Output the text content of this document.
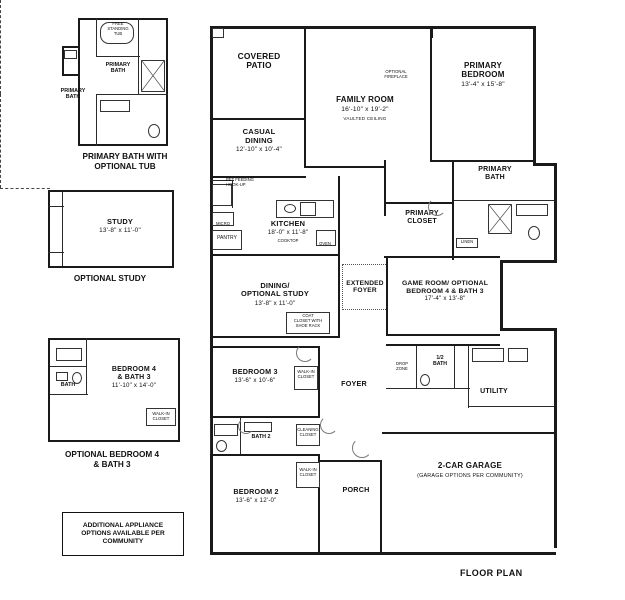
FREE
STANDING
TUB
PRIMARY
BATH
PRIMARY
BATH
PRIMARY BATH WITH
OPTIONAL TUB
STUDY
13'-8" x 11'-0"
OPTIONAL STUDY
BATH
WALK-IN
CLOSET
BEDROOM 4
& BATH 3
11'-10" x 14'-0"
OPTIONAL BEDROOM 4
& BATH 3
ADDITIONAL APPLIANCE
OPTIONS AVAILABLE PER
COMMUNITY
COVERED
PATIO
OPTIONAL
FIREPLACE
FAMILY ROOM
16'-10" x 19'-2"
VAULTED CEILING
PRIMARY
BEDROOM
13'-4" x 15'-8"
CASUAL
DINING
12'-10" x 10'-4"
PET FEEDING
HOOK-UP
MICRO
PANTRY	COOKTOP
OVEN
KITCHEN
18'-0" x 11'-8"
LINEN
PRIMARY
BATH
PRIMARY
CLOSET
DINING/
OPTIONAL STUDY
13'-8" x 11'-0"
EXTENDED
FOYER
COAT
CLOSET WITH
SHOE RACK
GAME ROOM/ OPTIONAL
BEDROOM 4 & BATH 3
17'-4" x 13'-8"
WALK-IN
CLOSET
BEDROOM 3
13'-6" x 10'-6"
BATH 2
CLEANING
CLOSET
WALK-IN
CLOSET
BEDROOM 2
13'-6" x 12'-0"
FOYER
PORCH
DROP
ZONE
1/2
BATH
UTILITY
2-CAR GARAGE
(GARAGE OPTIONS PER COMMUNITY)
FLOOR PLAN
